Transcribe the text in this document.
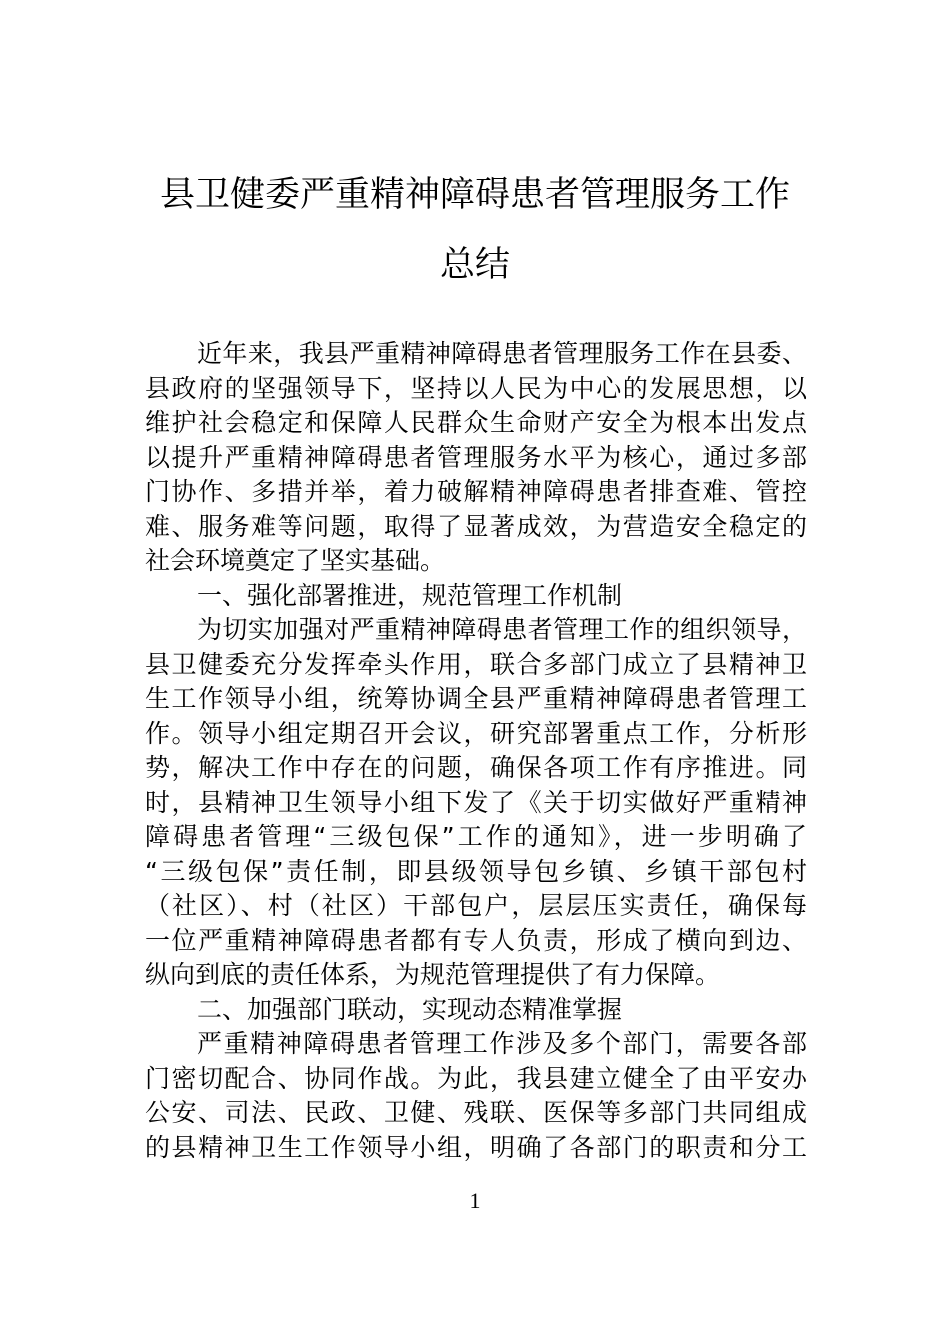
县卫健委严重精神障碍患者管理服务工作
总结
近年来，我县严重精神障碍患者管理服务工作在县委、
县政府的坚强领导下，坚持以人民为中心的发展思想，以
维护社会稳定和保障人民群众生命财产安全为根本出发点
以提升严重精神障碍患者管理服务水平为核心，通过多部
门协作、多措并举，着力破解精神障碍患者排查难、管控
难、服务难等问题，取得了显著成效，为营造安全稳定的
社会环境奠定了坚实基础。
一、强化部署推进，规范管理工作机制
为切实加强对严重精神障碍患者管理工作的组织领导，
县卫健委充分发挥牵头作用，联合多部门成立了县精神卫
生工作领导小组，统筹协调全县严重精神障碍患者管理工
作。领导小组定期召开会议，研究部署重点工作，分析形
势，解决工作中存在的问题，确保各项工作有序推进。同
时，县精神卫生领导小组下发了《关于切实做好严重精神
障碍患者管理“三级包保”工作的通知》，进一步明确了
“三级包保”责任制，即县级领导包乡镇、乡镇干部包村
（社区）、村（社区）干部包户，层层压实责任，确保每
一位严重精神障碍患者都有专人负责，形成了横向到边、
纵向到底的责任体系，为规范管理提供了有力保障。
二、加强部门联动，实现动态精准掌握
严重精神障碍患者管理工作涉及多个部门，需要各部
门密切配合、协同作战。为此，我县建立健全了由平安办
公安、司法、民政、卫健、残联、医保等多部门共同组成
的县精神卫生工作领导小组，明确了各部门的职责和分工
1
